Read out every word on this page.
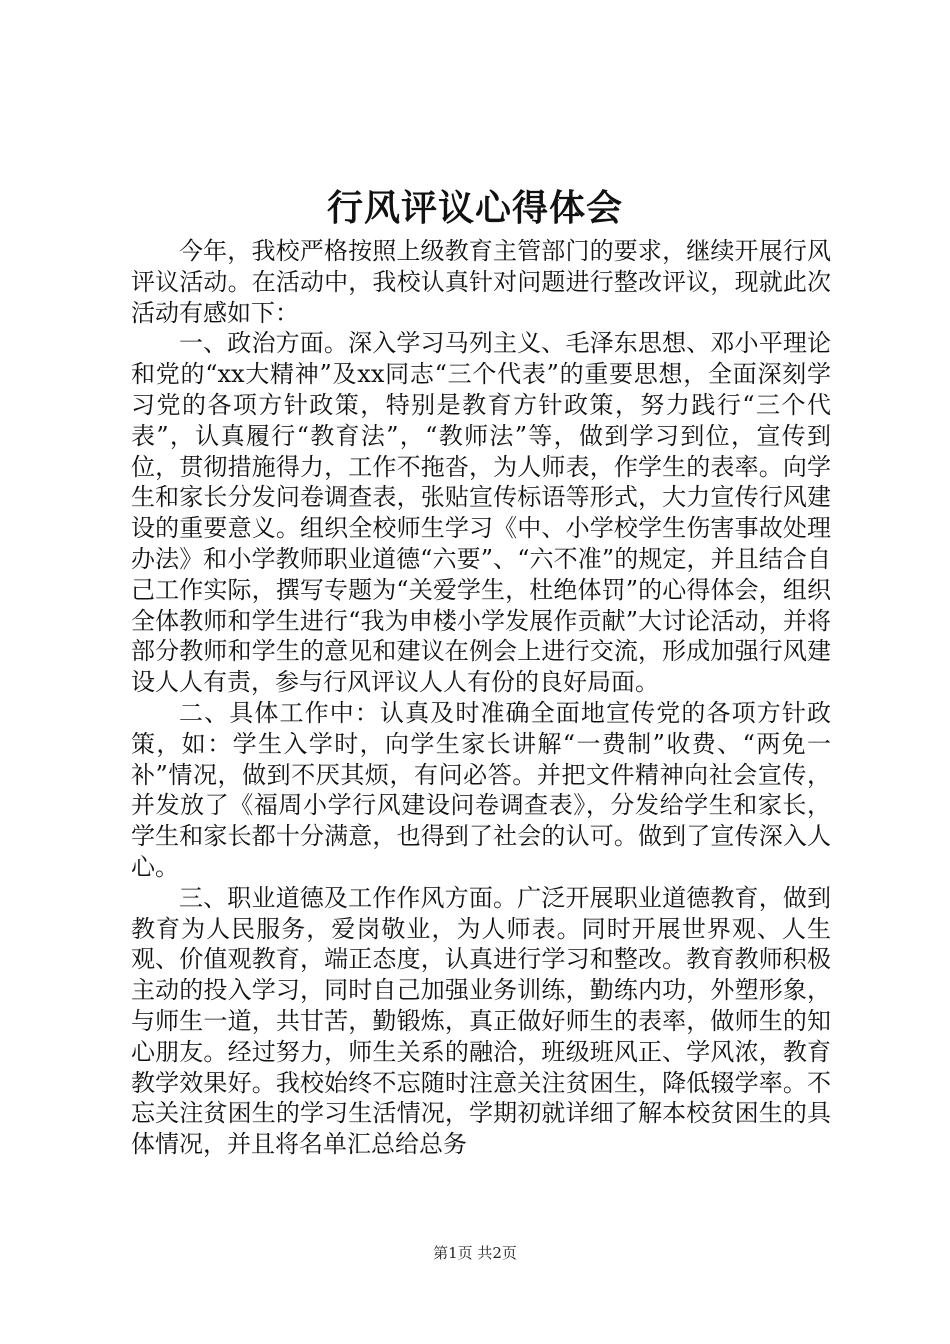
行风评议心得体会

今年，我校严格按照上级教育主管部门的要求，继续开展行风评议活动。在活动中，我校认真针对问题进行整改评议，现就此次活动有感如下：

一、政治方面。深入学习马列主义、毛泽东思想、邓小平理论和党的“xx大精神”及xx同志“三个代表”的重要思想，全面深刻学习党的各项方针政策，特别是教育方针政策，努力践行“三个代表”，认真履行“教育法”，“教师法”等，做到学习到位，宣传到位，贯彻措施得力，工作不拖沓，为人师表，作学生的表率。向学生和家长分发问卷调查表，张贴宣传标语等形式，大力宣传行风建设的重要意义。组织全校师生学习《中、小学校学生伤害事故处理办法》和小学教师职业道德“六要”、“六不准”的规定，并且结合自己工作实际，撰写专题为“关爱学生，杜绝体罚”的心得体会，组织全体教师和学生进行“我为申楼小学发展作贡献”大讨论活动，并将部分教师和学生的意见和建议在例会上进行交流，形成加强行风建设人人有责，参与行风评议人人有份的良好局面。

二、具体工作中：认真及时准确全面地宣传党的各项方针政策，如：学生入学时，向学生家长讲解“一费制”收费、“两免一补”情况，做到不厌其烦，有问必答。并把文件精神向社会宣传，并发放了《福周小学行风建设问卷调查表》，分发给学生和家长，学生和家长都十分满意，也得到了社会的认可。做到了宣传深入人心。

三、职业道德及工作作风方面。广泛开展职业道德教育，做到教育为人民服务，爱岗敬业，为人师表。同时开展世界观、人生观、价值观教育，端正态度，认真进行学习和整改。教育教师积极主动的投入学习，同时自己加强业务训练，勤练内功，外塑形象，与师生一道，共甘苦，勤锻炼，真正做好师生的表率，做师生的知心朋友。经过努力，师生关系的融洽，班级班风正、学风浓，教育教学效果好。我校始终不忘随时注意关注贫困生，降低辍学率。不忘关注贫困生的学习生活情况，学期初就详细了解本校贫困生的具体情况，并且将名单汇总给总务

第1页 共2页
